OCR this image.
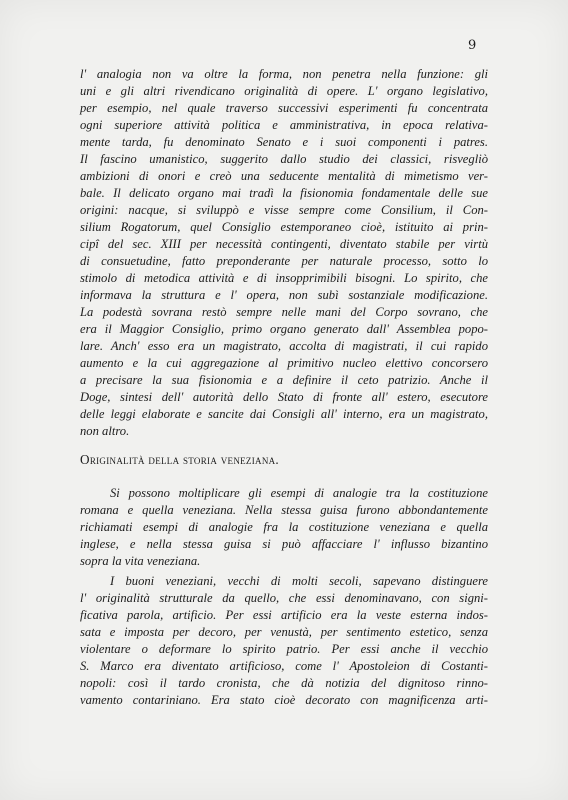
9
l' analogia non va oltre la forma, non penetra nella funzione: gli
uni e gli altri rivendicano originalità di opere. L' organo legislativo,
per esempio, nel quale traverso successivi esperimenti fu concentrata
ogni superiore attività politica e amministrativa, in epoca relativa-
mente tarda, fu denominato Senato e i suoi componenti i patres.
Il fascino umanistico, suggerito dallo studio dei classici, risvegliò
ambizioni di onori e creò una seducente mentalità di mimetismo ver-
bale. Il delicato organo mai tradì la fisionomia fondamentale delle sue
origini: nacque, si sviluppò e visse sempre come Consilium, il Con-
silium Rogatorum, quel Consiglio estemporaneo cioè, istituito ai prin-
cipî del sec. XIII per necessità contingenti, diventato stabile per virtù
di consuetudine, fatto preponderante per naturale processo, sotto lo
stimolo di metodica attività e di insopprimibili bisogni. Lo spirito, che
informava la struttura e l' opera, non subì sostanziale modificazione.
La podestà sovrana restò sempre nelle mani del Corpo sovrano, che
era il Maggior Consiglio, primo organo generato dall' Assemblea popo-
lare. Anch' esso era un magistrato, accolta di magistrati, il cui rapido
aumento e la cui aggregazione al primitivo nucleo elettivo concorsero
a precisare la sua fisionomia e a definire il ceto patrizio. Anche il
Doge, sintesi dell' autorità dello Stato di fronte all' estero, esecutore
delle leggi elaborate e sancite dai Consigli all' interno, era un magistrato,
non altro.
Originalità della storia veneziana.
Si possono moltiplicare gli esempi di analogie tra la costituzione
romana e quella veneziana. Nella stessa guisa furono abbondantemente
richiamati esempi di analogie fra la costituzione veneziana e quella
inglese, e nella stessa guisa si può affacciare l' influsso bizantino
sopra la vita veneziana.
I buoni veneziani, vecchi di molti secoli, sapevano distinguere
l' originalità strutturale da quello, che essi denominavano, con signi-
ficativa parola, artificio. Per essi artificio era la veste esterna indos-
sata e imposta per decoro, per venustà, per sentimento estetico, senza
violentare o deformare lo spirito patrio. Per essi anche il vecchio
S. Marco era diventato artificioso, come l' Apostoleion di Costanti-
nopoli: così il tardo cronista, che dà notizia del dignitoso rinno-
vamento contariniano. Era stato cioè decorato con magnificenza arti-
